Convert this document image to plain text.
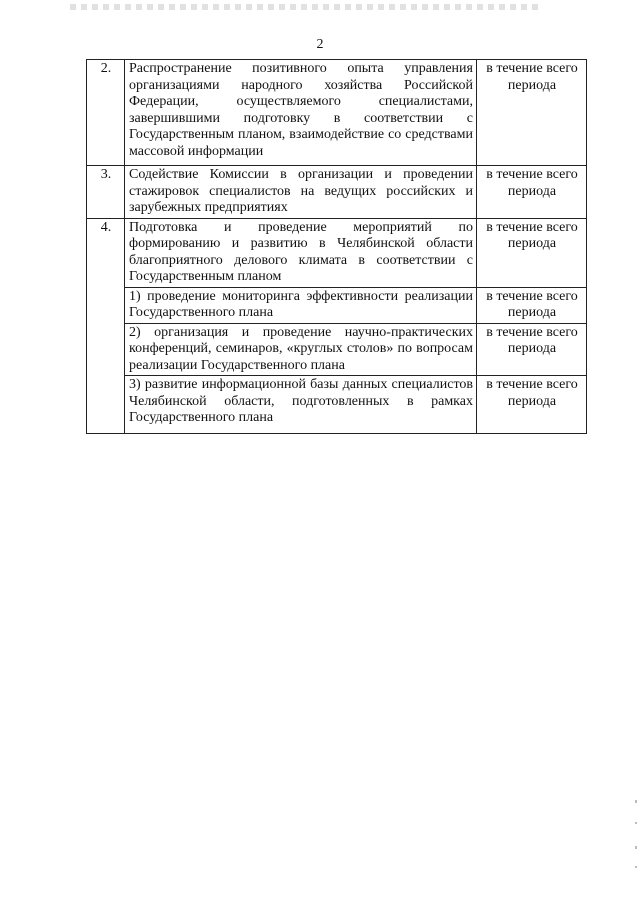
2
2.	Распространение позитивного опыта управления организациями народного хозяйства Российской Федерации, осуществляемого специалистами, завершившими подготовку в соответствии с Государственным планом, взаимодействие со средствами массовой информации	в течение всего периода
3.	Содействие Комиссии в организации и проведении стажировок специалистов на ведущих российских и зарубежных предприятиях	в течение всего периода
4.	Подготовка и проведение мероприятий по формированию и развитию в Челябинской области благоприятного делового климата в соответствии с Государственным планом	в течение всего периода
	1) проведение мониторинга эффективности реализации Государственного плана	в течение всего периода
	2) организация и проведение научно-практических конференций, семинаров, «круглых столов» по вопросам реализации Государственного плана	в течение всего периода
	3) развитие информационной базы данных специалистов Челябинской области, подготовленных в рамках Государственного плана	в течение всего периода
